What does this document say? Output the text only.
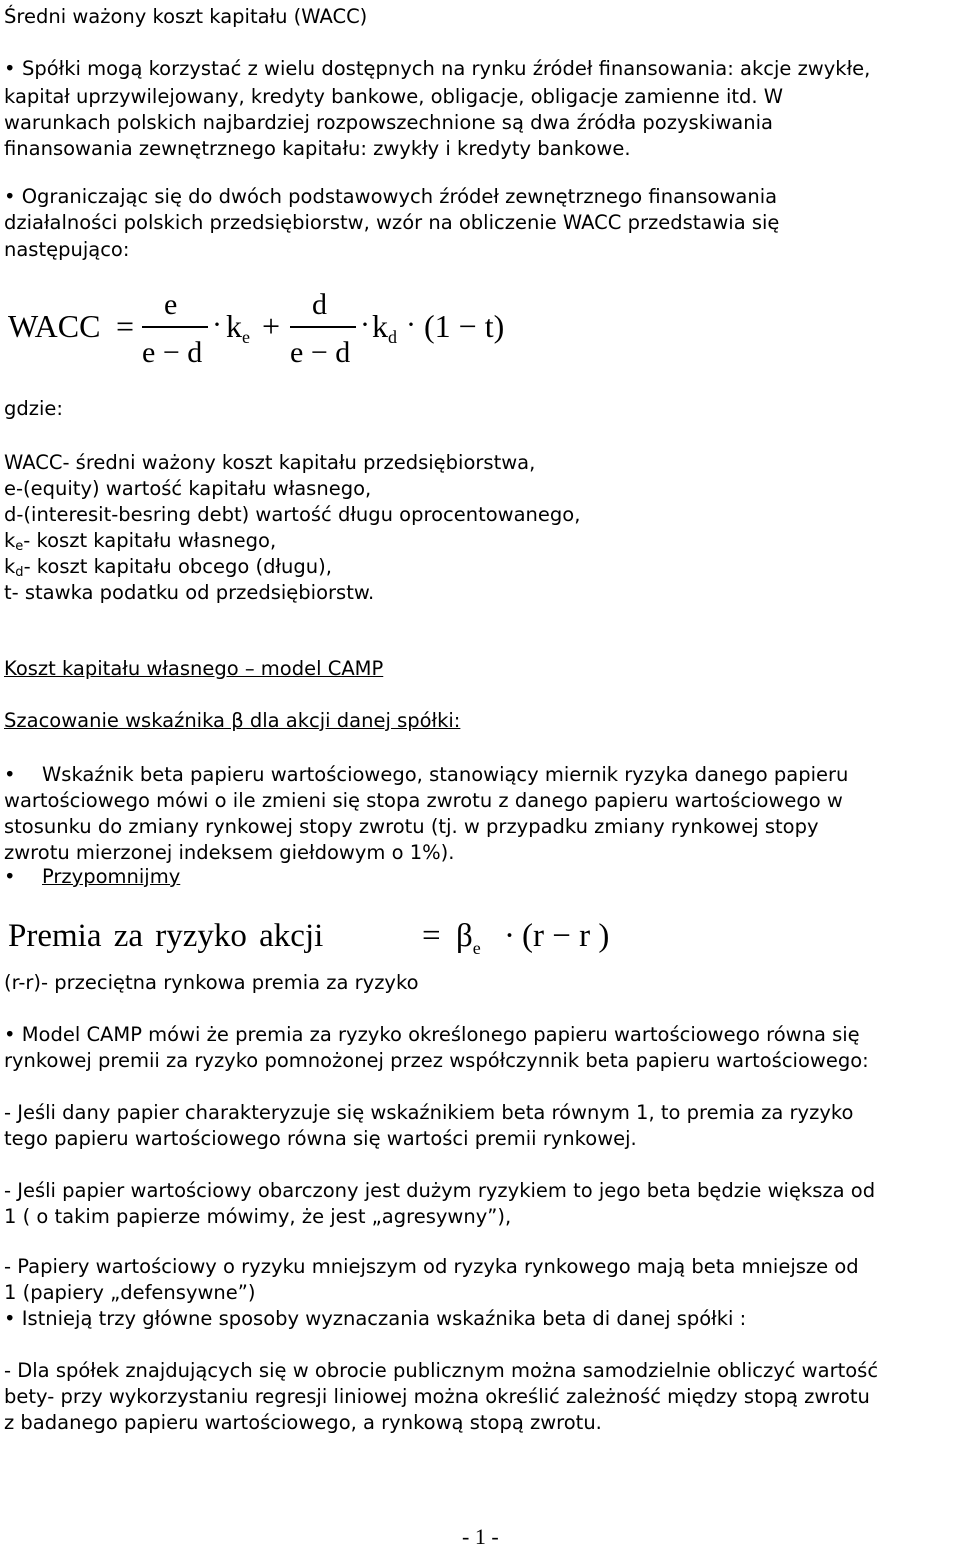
Średni ważony koszt kapitału (WACC)
• Spółki mogą korzystać z wielu dostępnych na rynku źródeł finansowania: akcje zwykłe,
kapitał uprzywilejowany, kredyty bankowe, obligacje, obligacje zamienne itd. W
warunkach polskich najbardziej rozpowszechnione są dwa źródła pozyskiwania
finansowania zewnętrznego kapitału: zwykły i kredyty bankowe.
• Ograniczając się do dwóch podstawowych źródeł zewnętrznego finansowania
działalności polskich przedsiębiorstw, wzór na obliczenie WACC przedstawia się
następująco:
WACC =
e
e − d
· $k_e$ +
d
e − d
· $k_d \cdot (1 - t)$
gdzie:
WACC- średni ważony koszt kapitału przedsiębiorstwa,
e-(equity) wartość kapitału własnego,
d-(interesit-besring debt) wartość długu oprocentowanego,
$k_e-$ koszt kapitału własnego,
$k_d-$ koszt kapitału obcego (długu),
t- stawka podatku od przedsiębiorstw.
Koszt kapitału własnego – model CAMP
Szacowanie wskaźnika β dla akcji danej spółki:
• Wskaźnik beta papieru wartościowego, stanowiący miernik ryzyka danego papieru
wartościowego mówi o ile zmieni się stopa zwrotu z danego papieru wartościowego w
stosunku do zmiany rynkowej stopy zwrotu (tj. w przypadku zmiany rynkowej stopy
zwrotu mierzonej indeksem giełdowym o 1%).
• Przypomnijmy
Premia za ryzyko akcji	= $\beta_e \cdot (r - r$ )
(r-r)- przeciętna rynkowa premia za ryzyko
• Model CAMP mówi że premia za ryzyko określonego papieru wartościowego równa się
rynkowej premii za ryzyko pomnożonej przez współczynnik beta papieru wartościowego:
- Jeśli dany papier charakteryzuje się wskaźnikiem beta równym 1, to premia za ryzyko
tego papieru wartościowego równa się wartości premii rynkowej.
- Jeśli papier wartościowy obarczony jest dużym ryzykiem to jego beta będzie większa od
1 ( o takim papierze mówimy, że jest „agresywny”),
- Papiery wartościowy o ryzyku mniejszym od ryzyka rynkowego mają beta mniejsze od
1 (papiery „defensywne”)
• Istnieją trzy główne sposoby wyznaczania wskaźnika beta di danej spółki :
- Dla spółek znajdujących się w obrocie publicznym można samodzielnie obliczyć wartość
bety- przy wykorzystaniu regresji liniowej można określić zależność między stopą zwrotu
z badanego papieru wartościowego, a rynkową stopą zwrotu.
- 1 -
